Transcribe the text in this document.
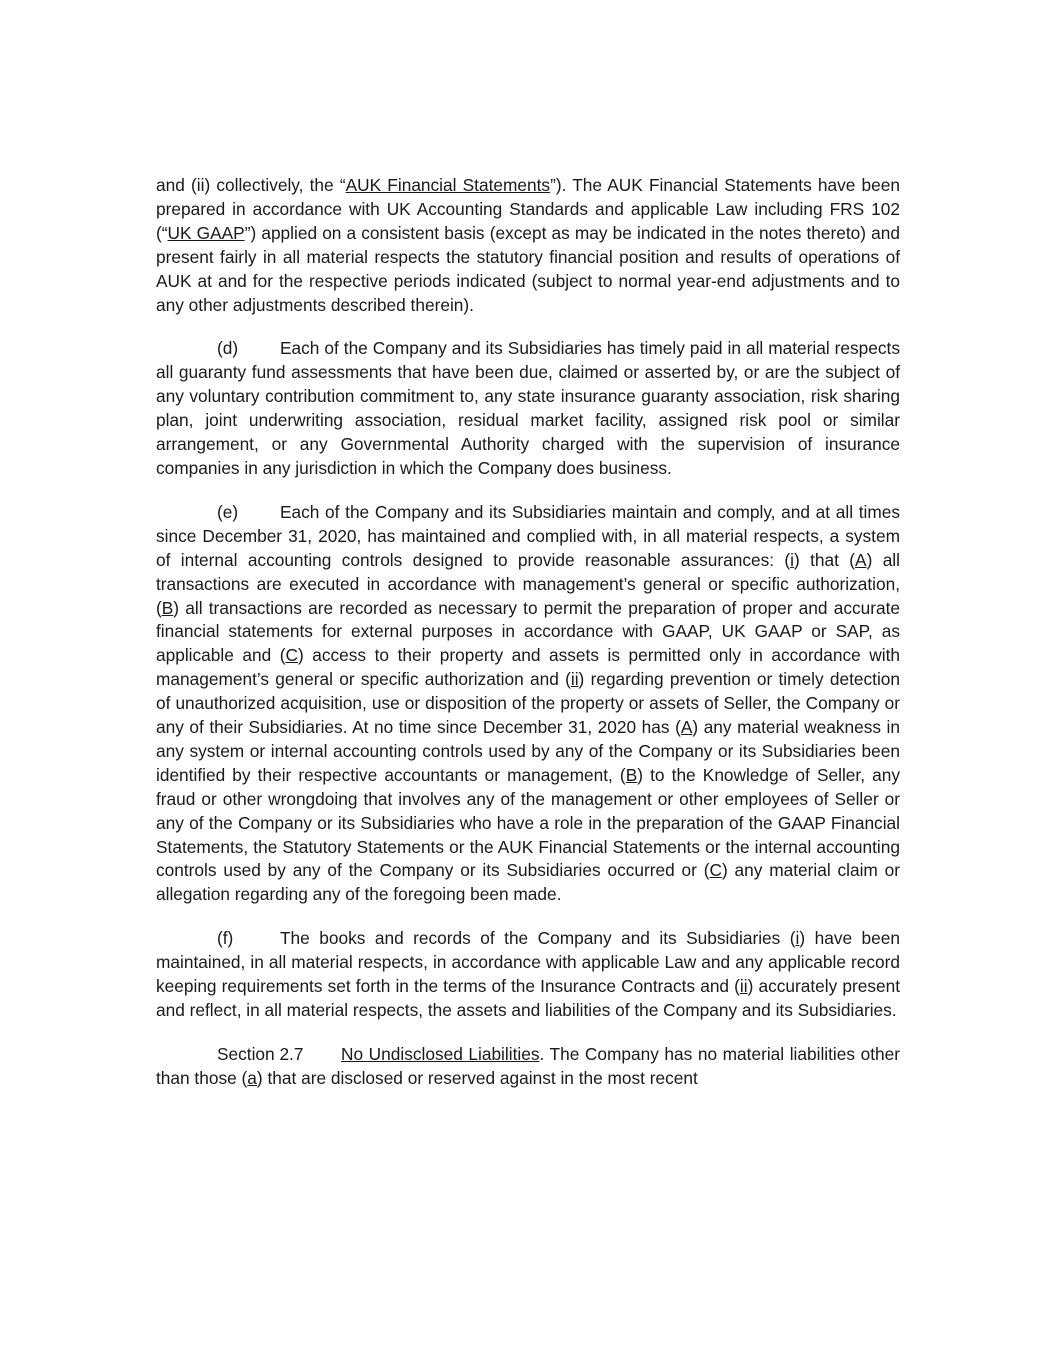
and (ii) collectively, the “AUK Financial Statements”). The AUK Financial Statements have been prepared in accordance with UK Accounting Standards and applicable Law including FRS 102 (“UK GAAP”) applied on a consistent basis (except as may be indicated in the notes thereto) and present fairly in all material respects the statutory financial position and results of operations of AUK at and for the respective periods indicated (subject to normal year-end adjustments and to any other adjustments described therein).

(d) Each of the Company and its Subsidiaries has timely paid in all material respects all guaranty fund assessments that have been due, claimed or asserted by, or are the subject of any voluntary contribution commitment to, any state insurance guaranty association, risk sharing plan, joint underwriting association, residual market facility, assigned risk pool or similar arrangement, or any Governmental Authority charged with the supervision of insurance companies in any jurisdiction in which the Company does business.

(e) Each of the Company and its Subsidiaries maintain and comply, and at all times since December 31, 2020, has maintained and complied with, in all material respects, a system of internal accounting controls designed to provide reasonable assurances: (i) that (A) all transactions are executed in accordance with management’s general or specific authorization, (B) all transactions are recorded as necessary to permit the preparation of proper and accurate financial statements for external purposes in accordance with GAAP, UK GAAP or SAP, as applicable and (C) access to their property and assets is permitted only in accordance with management’s general or specific authorization and (ii) regarding prevention or timely detection of unauthorized acquisition, use or disposition of the property or assets of Seller, the Company or any of their Subsidiaries. At no time since December 31, 2020 has (A) any material weakness in any system or internal accounting controls used by any of the Company or its Subsidiaries been identified by their respective accountants or management, (B) to the Knowledge of Seller, any fraud or other wrongdoing that involves any of the management or other employees of Seller or any of the Company or its Subsidiaries who have a role in the preparation of the GAAP Financial Statements, the Statutory Statements or the AUK Financial Statements or the internal accounting controls used by any of the Company or its Subsidiaries occurred or (C) any material claim or allegation regarding any of the foregoing been made.

(f)	The books and records of the Company and its Subsidiaries (i) have been maintained, in all material respects, in accordance with applicable Law and any applicable record keeping requirements set forth in the terms of the Insurance Contracts and (ii) accurately present and reflect, in all material respects, the assets and liabilities of the Company and its Subsidiaries.

Section 2.7 No Undisclosed Liabilities. The Company has no material liabilities other than those (a) that are disclosed or reserved against in the most recent
